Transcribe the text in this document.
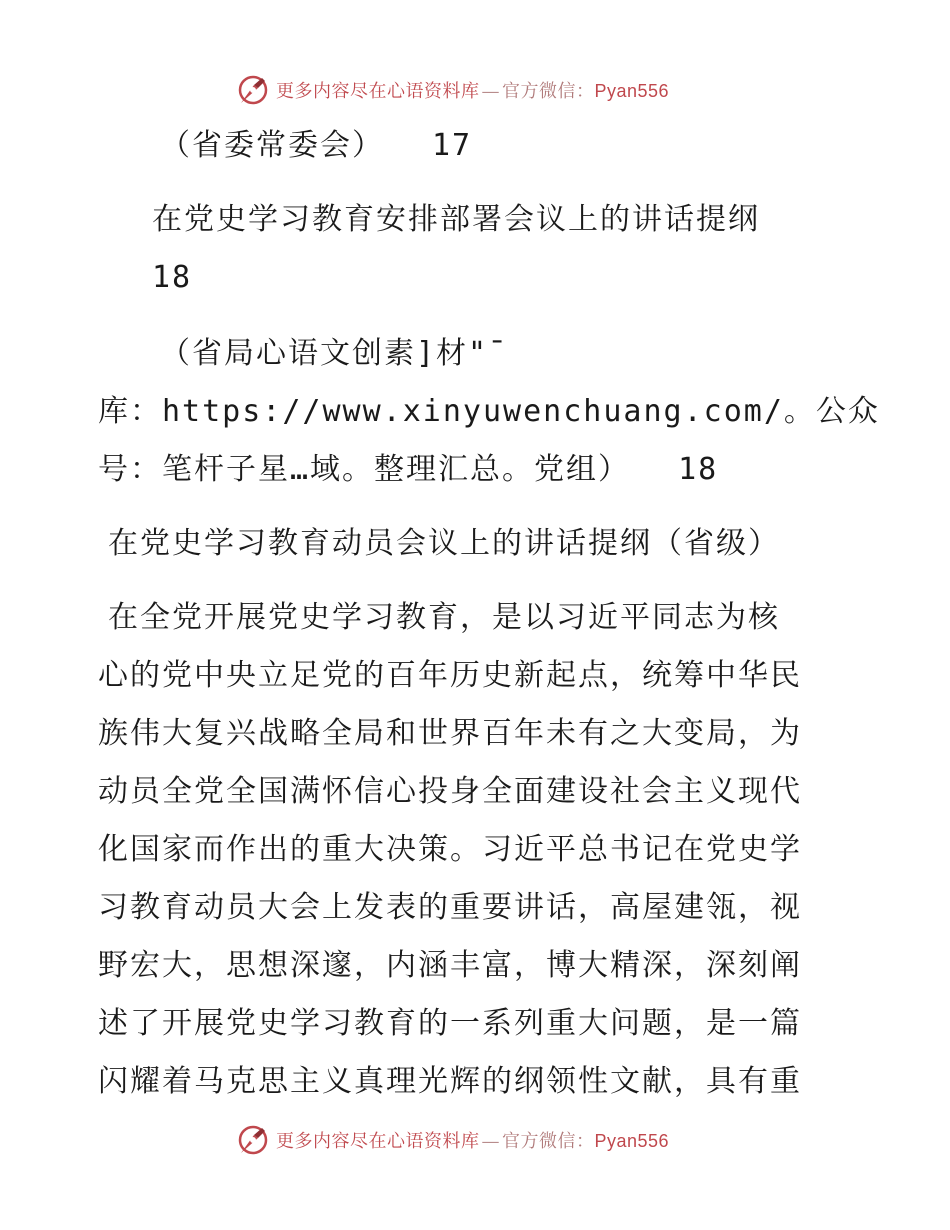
更多内容尽在心语资料库 — 官方微信：Pyan556
（省委常委会） 17
在党史学习教育安排部署会议上的讲话提纲
18
（省局心语文创素]材"¯
库：https://www.xinyuwenchuang.com/。公众
号：笔杆子星…域。整理汇总。党组） 18
在党史学习教育动员会议上的讲话提纲（省级）
在全党开展党史学习教育，是以习近平同志为核
心的党中央立足党的百年历史新起点，统筹中华民
族伟大复兴战略全局和世界百年未有之大变局，为
动员全党全国满怀信心投身全面建设社会主义现代
化国家而作出的重大决策。习近平总书记在党史学
习教育动员大会上发表的重要讲话，高屋建瓴，视
野宏大，思想深邃，内涵丰富，博大精深，深刻阐
述了开展党史学习教育的一系列重大问题，是一篇
闪耀着马克思主义真理光辉的纲领性文献，具有重
更多内容尽在心语资料库 — 官方微信：Pyan556
